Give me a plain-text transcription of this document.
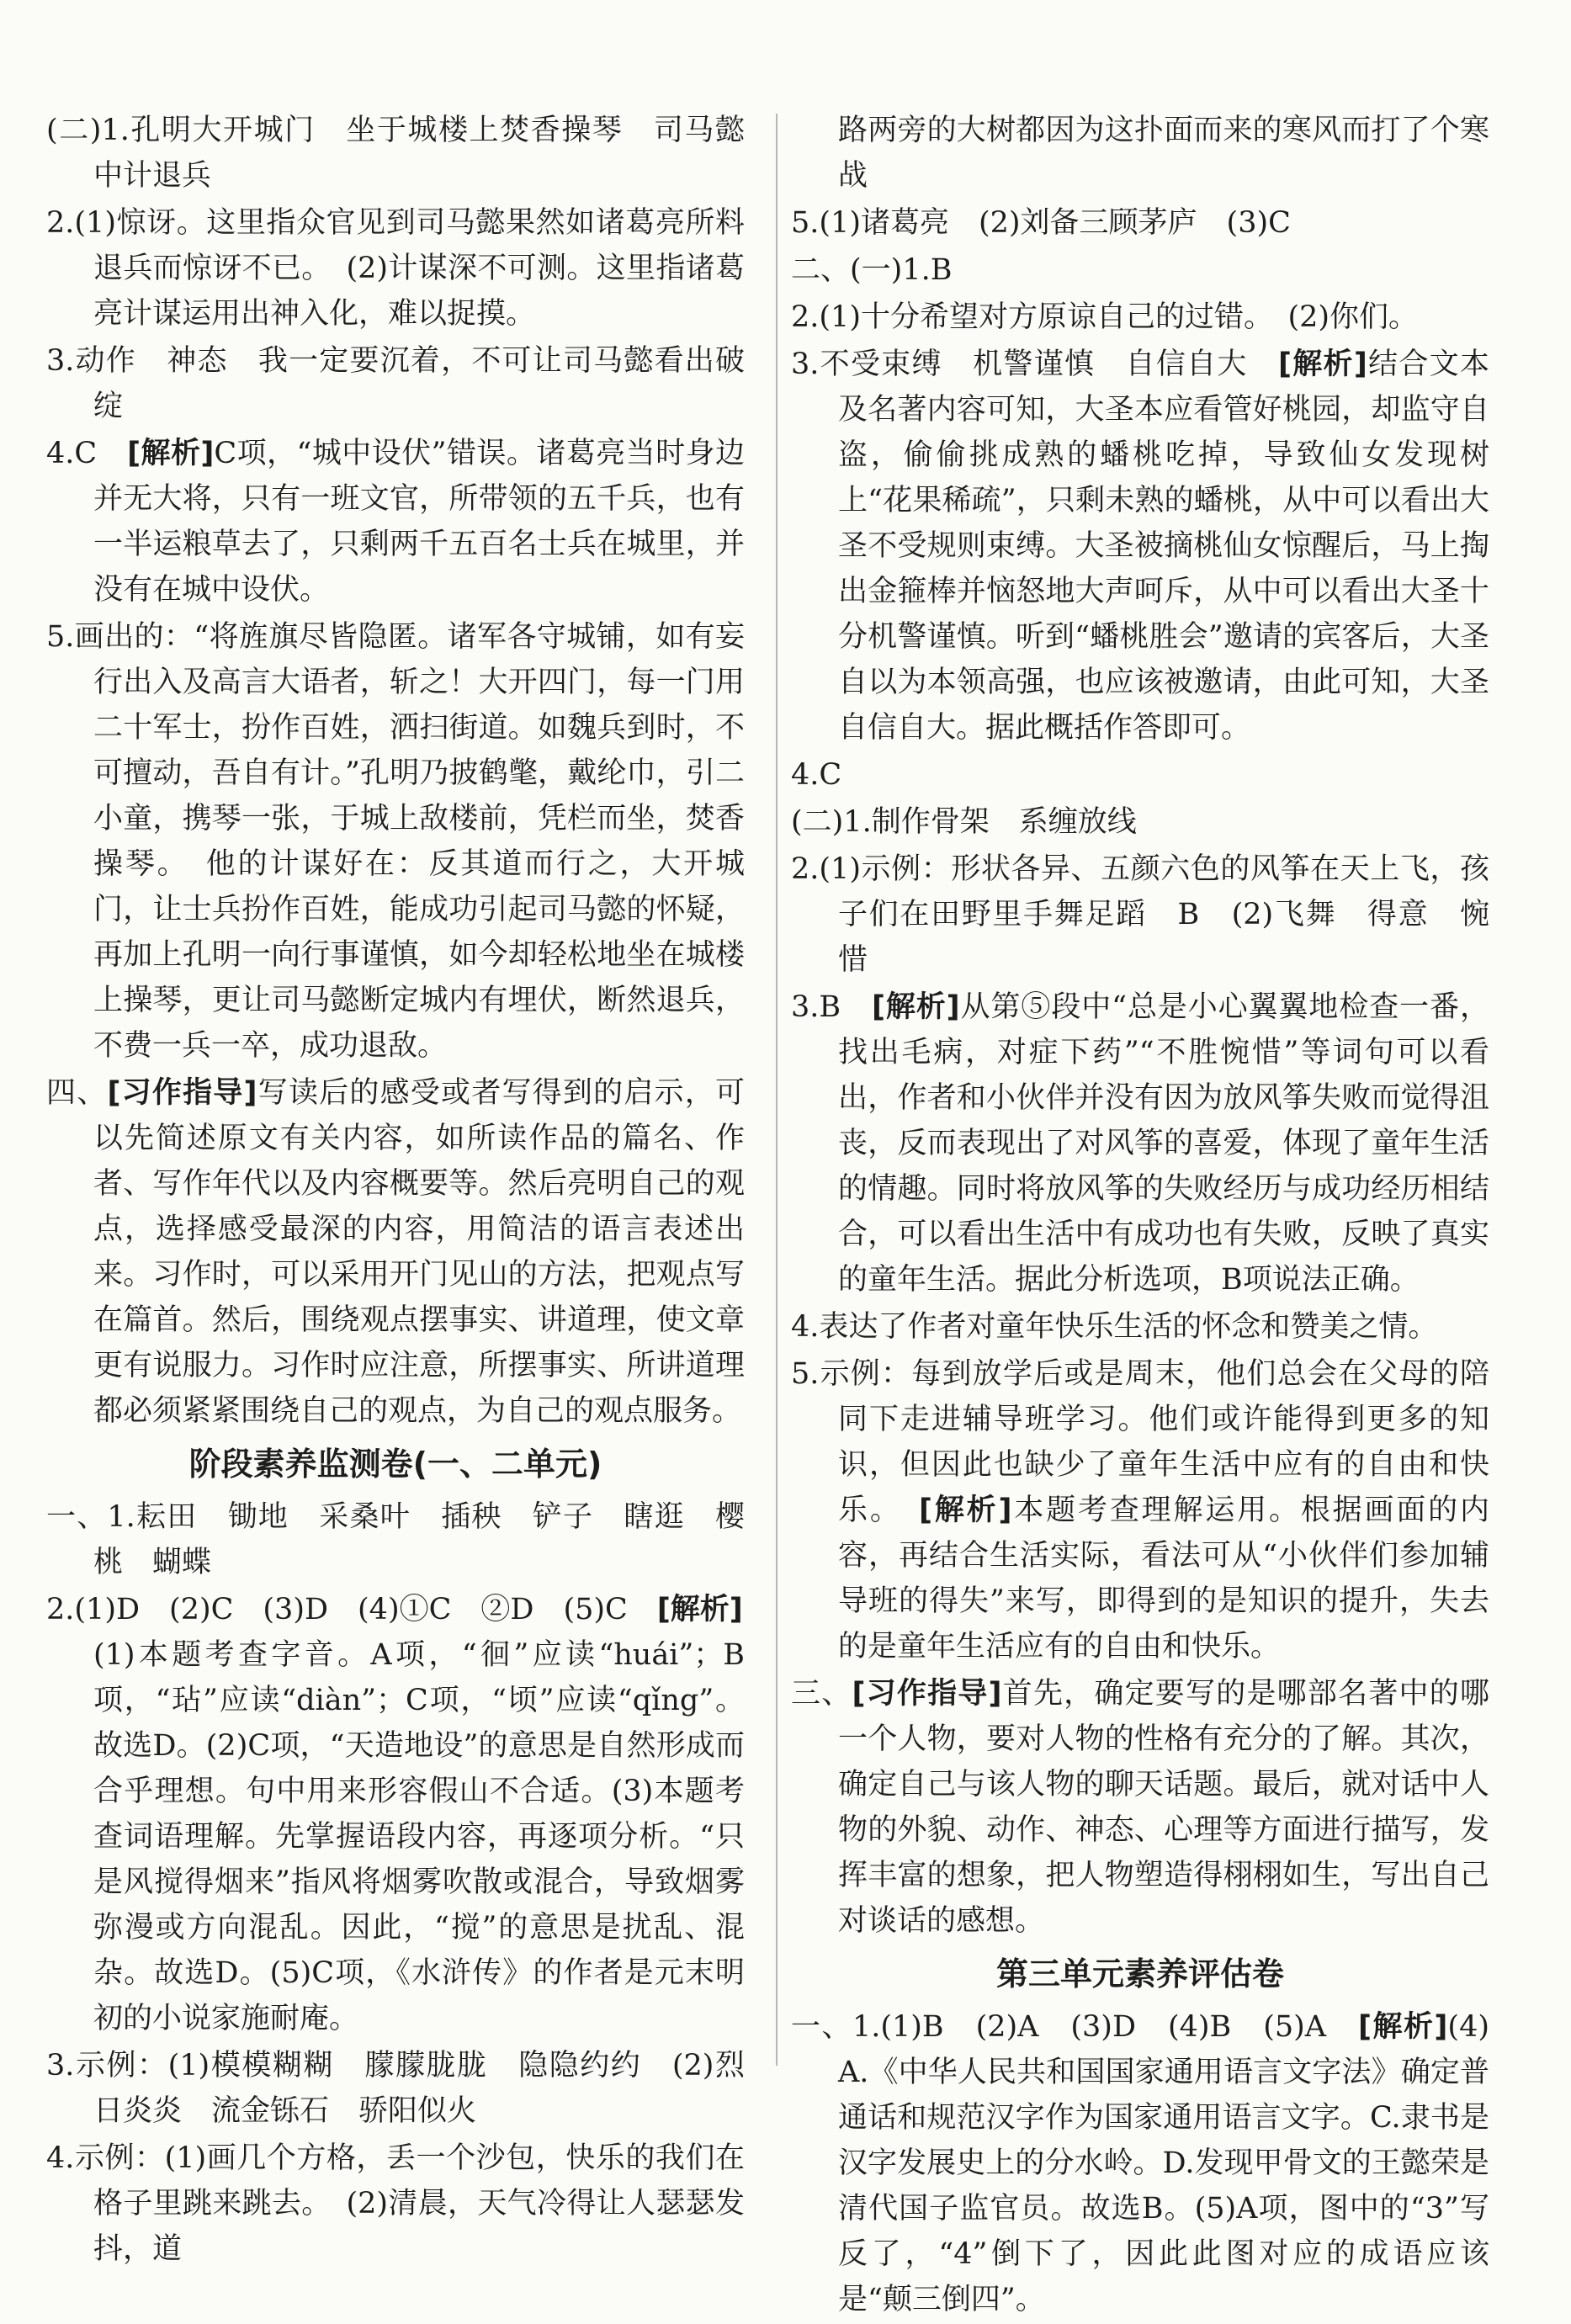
(二)1.孔明大开城门　坐于城楼上焚香操琴　司马懿中计退兵

2.(1)惊讶。这里指众官见到司马懿果然如诸葛亮所料退兵而惊讶不已。　(2)计谋深不可测。这里指诸葛亮计谋运用出神入化，难以捉摸。

3.动作　神态　我一定要沉着，不可让司马懿看出破绽

4.C　[解析]C项，“城中设伏”错误。诸葛亮当时身边并无大将，只有一班文官，所带领的五千兵，也有一半运粮草去了，只剩两千五百名士兵在城里，并没有在城中设伏。

5.画出的：“将旌旗尽皆隐匿。诸军各守城铺，如有妄行出入及高言大语者，斩之！大开四门，每一门用二十军士，扮作百姓，洒扫街道。如魏兵到时，不可擅动，吾自有计。”孔明乃披鹤氅，戴纶巾，引二小童，携琴一张，于城上敌楼前，凭栏而坐，焚香操琴。　他的计谋好在：反其道而行之，大开城门，让士兵扮作百姓，能成功引起司马懿的怀疑，再加上孔明一向行事谨慎，如今却轻松地坐在城楼上操琴，更让司马懿断定城内有埋伏，断然退兵，不费一兵一卒，成功退敌。

四、[习作指导]写读后的感受或者写得到的启示，可以先简述原文有关内容，如所读作品的篇名、作者、写作年代以及内容概要等。然后亮明自己的观点，选择感受最深的内容，用简洁的语言表述出来。习作时，可以采用开门见山的方法，把观点写在篇首。然后，围绕观点摆事实、讲道理，使文章更有说服力。习作时应注意，所摆事实、所讲道理都必须紧紧围绕自己的观点，为自己的观点服务。

阶段素养监测卷(一、二单元)

一、1.耘田　锄地　采桑叶　插秧　铲子　瞎逛　樱桃　蝴蝶

2.(1)D　(2)C　(3)D　(4)①C　②D　(5)C　[解析]
(1)本题考查字音。A项，“徊”应读“huái”；B项，“玷”应读“diàn”；C项，“顷”应读“qǐng”。故选D。(2)C项，“天造地设”的意思是自然形成而合乎理想。句中用来形容假山不合适。(3)本题考查词语理解。先掌握语段内容，再逐项分析。“只是风搅得烟来”指风将烟雾吹散或混合，导致烟雾弥漫或方向混乱。因此，“搅”的意思是扰乱、混杂。故选D。(5)C项，《水浒传》的作者是元末明初的小说家施耐庵。

3.示例：(1)模模糊糊　朦朦胧胧　隐隐约约　(2)烈日炎炎　流金铄石　骄阳似火

4.示例：(1)画几个方格，丢一个沙包，快乐的我们在格子里跳来跳去。　(2)清晨，天气冷得让人瑟瑟发抖，道

路两旁的大树都因为这扑面而来的寒风而打了个寒战

5.(1)诸葛亮　(2)刘备三顾茅庐　(3)C

二、(一)1.B

2.(1)十分希望对方原谅自己的过错。　(2)你们。

3.不受束缚　机警谨慎　自信自大　[解析]结合文本及名著内容可知，大圣本应看管好桃园，却监守自盗，偷偷挑成熟的蟠桃吃掉，导致仙女发现树上“花果稀疏”，只剩未熟的蟠桃，从中可以看出大圣不受规则束缚。大圣被摘桃仙女惊醒后，马上掏出金箍棒并恼怒地大声呵斥，从中可以看出大圣十分机警谨慎。听到“蟠桃胜会”邀请的宾客后，大圣自以为本领高强，也应该被邀请，由此可知，大圣自信自大。据此概括作答即可。

4.C

(二)1.制作骨架　系缠放线

2.(1)示例：形状各异、五颜六色的风筝在天上飞，孩子们在田野里手舞足蹈　B　(2)飞舞　得意　惋惜

3.B　[解析]从第⑤段中“总是小心翼翼地检查一番，找出毛病，对症下药”“不胜惋惜”等词句可以看出，作者和小伙伴并没有因为放风筝失败而觉得沮丧，反而表现出了对风筝的喜爱，体现了童年生活的情趣。同时将放风筝的失败经历与成功经历相结合，可以看出生活中有成功也有失败，反映了真实的童年生活。据此分析选项，B项说法正确。

4.表达了作者对童年快乐生活的怀念和赞美之情。

5.示例：每到放学后或是周末，他们总会在父母的陪同下走进辅导班学习。他们或许能得到更多的知识，但因此也缺少了童年生活中应有的自由和快乐。　[解析]本题考查理解运用。根据画面的内容，再结合生活实际，看法可从“小伙伴们参加辅导班的得失”来写，即得到的是知识的提升，失去的是童年生活应有的自由和快乐。

三、[习作指导]首先，确定要写的是哪部名著中的哪一个人物，要对人物的性格有充分的了解。其次，确定自己与该人物的聊天话题。最后，就对话中人物的外貌、动作、神态、心理等方面进行描写，发挥丰富的想象，把人物塑造得栩栩如生，写出自己对谈话的感想。

第三单元素养评估卷

一、1.(1)B　(2)A　(3)D　(4)B　(5)A　[解析](4)A.《中华人民共和国国家通用语言文字法》确定普通话和规范汉字作为国家通用语言文字。C.隶书是汉字发展史上的分水岭。D.发现甲骨文的王懿荣是清代国子监官员。故选B。(5)A项，图中的“3”写反了，“4”倒下了，因此此图对应的成语应该是“颠三倒四”。
